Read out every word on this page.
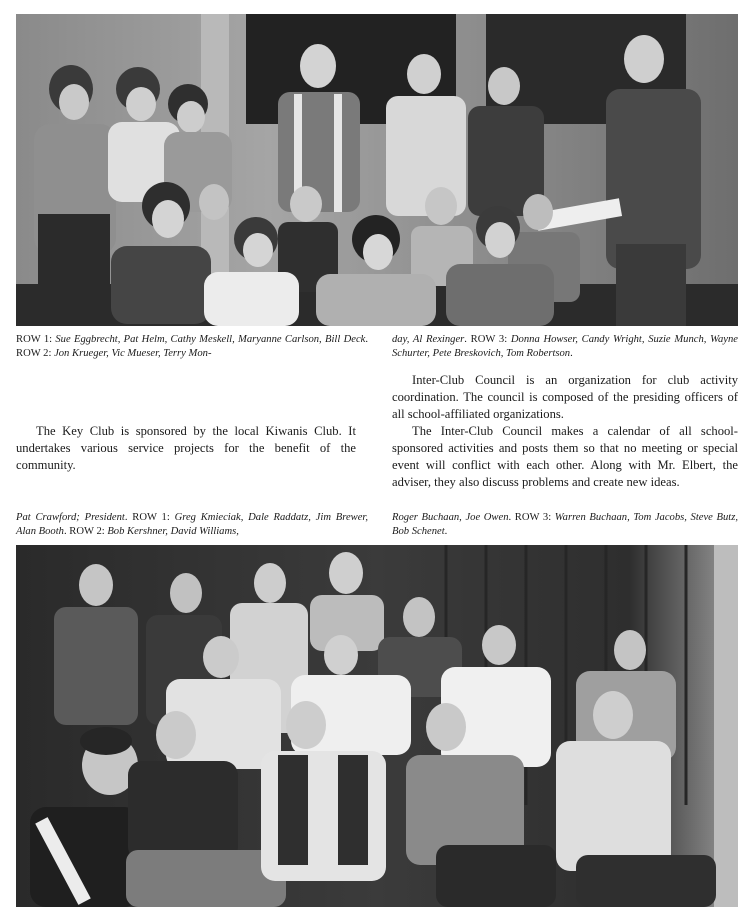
ROW 1: Sue Eggbrecht, Pat Helm, Cathy Meskell, Maryanne Carlson, Bill Deck. ROW 2: Jon Krueger, Vic Mueser, Terry Mon-
day, Al Rexinger. ROW 3: Donna Howser, Candy Wright, Suzie Munch, Wayne Schurter, Pete Breskovich, Tom Robertson.

Inter-Club Council is an organization for club activity coordination. The council is composed of the presiding officers of all school-affiliated organizations.

The Inter-Club Council makes a calendar of all school-sponsored activities and posts them so that no meeting or special event will conflict with each other. Along with Mr. Elbert, the adviser, they also discuss problems and create new ideas.

The Key Club is sponsored by the local Kiwanis Club. It undertakes various service projects for the benefit of the community.

Pat Crawford; President. ROW 1: Greg Kmieciak, Dale Raddatz, Jim Brewer, Alan Booth. ROW 2: Bob Kershner, David Williams,
Roger Buchaan, Joe Owen. ROW 3: Warren Buchaan, Tom Jacobs, Steve Butz, Bob Schenet.
